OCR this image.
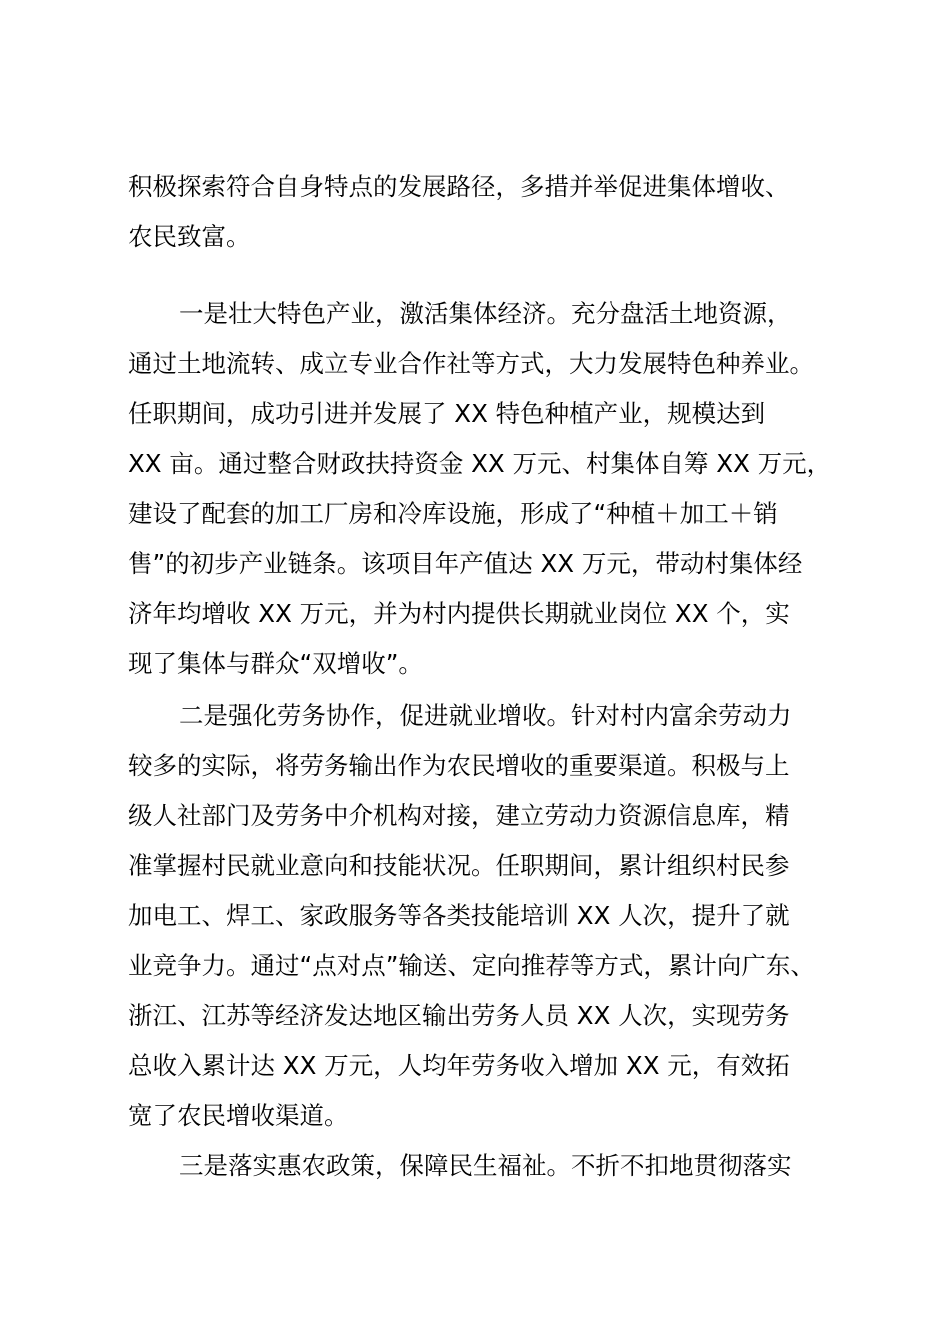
积极探索符合自身特点的发展路径，多措并举促进集体增收、
农民致富。
一是壮大特色产业，激活集体经济。充分盘活土地资源，
通过土地流转、成立专业合作社等方式，大力发展特色种养业。
任职期间，成功引进并发展了 XX 特色种植产业，规模达到
XX 亩。通过整合财政扶持资金 XX 万元、村集体自筹 XX 万元，
建设了配套的加工厂房和冷库设施，形成了“种植＋加工＋销
售”的初步产业链条。该项目年产值达 XX 万元，带动村集体经
济年均增收 XX 万元，并为村内提供长期就业岗位 XX 个，实
现了集体与群众“双增收”。
二是强化劳务协作，促进就业增收。针对村内富余劳动力
较多的实际，将劳务输出作为农民增收的重要渠道。积极与上
级人社部门及劳务中介机构对接，建立劳动力资源信息库，精
准掌握村民就业意向和技能状况。任职期间，累计组织村民参
加电工、焊工、家政服务等各类技能培训 XX 人次，提升了就
业竞争力。通过“点对点”输送、定向推荐等方式，累计向广东、
浙江、江苏等经济发达地区输出劳务人员 XX 人次，实现劳务
总收入累计达 XX 万元，人均年劳务收入增加 XX 元，有效拓
宽了农民增收渠道。
三是落实惠农政策，保障民生福祉。不折不扣地贯彻落实
